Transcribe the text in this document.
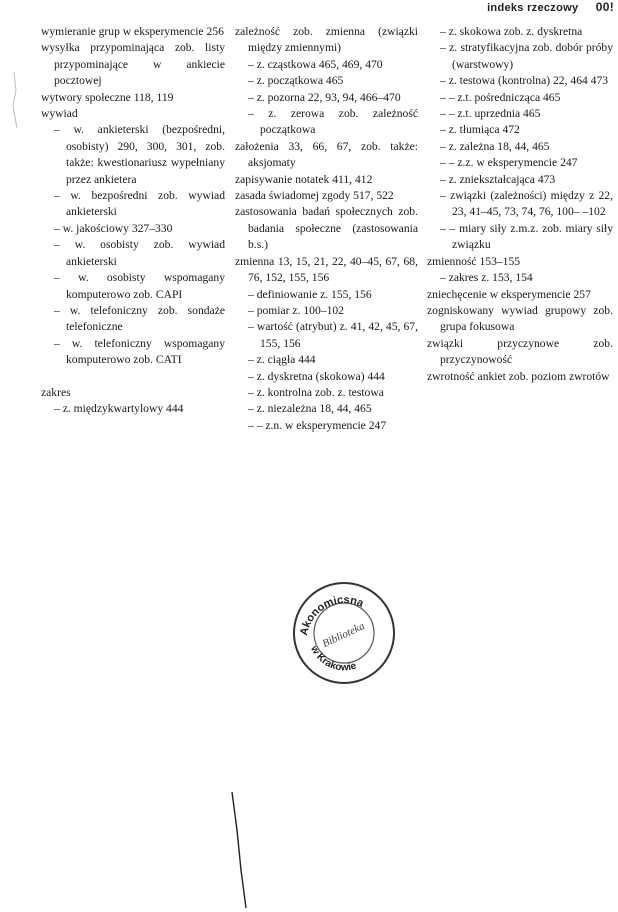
indeks rzeczowy 00!
wymieranie grup w eksperymencie 256
wysyłka przypominająca zob. listy przypominające w ankiecie pocztowej
wytwory społeczne 118, 119
wywiad
– w. ankieterski (bezpośredni, osobisty) 290, 300, 301, zob. także: kwestionariusz wypełniany przez ankietera
– w. bezpośredni zob. wywiad ankieterski
– w. jakościowy 327–330
– w. osobisty zob. wywiad ankieterski
– w. osobisty wspomagany komputerowo zob. CAPI
– w. telefoniczny zob. sondaże telefoniczne
– w. telefoniczny wspomagany komputerowo zob. CATI
zakres
– z. międzykwartylowy 444
zależność zob. zmienna (związki między zmiennymi)
– z. cząstkowa 465, 469, 470
– z. początkowa 465
– z. pozorna 22, 93, 94, 466–470
– z. zerowa zob. zależność początkowa
założenia 33, 66, 67, zob. także: aksjomaty
zapisywanie notatek 411, 412
zasada świadomej zgody 517, 522
zastosowania badań społecznych zob. badania społeczne (zastosowania b.s.)
zmienna 13, 15, 21, 22, 40–45, 67, 68, 76, 152, 155, 156
– definiowanie z. 155, 156
– pomiar z. 100–102
– wartość (atrybut) z. 41, 42, 45, 67, 155, 156
– z. ciągła 444
– z. dyskretna (skokowa) 444
– z. kontrolna zob. z. testowa
– z. niezależna 18, 44, 465
– – z.n. w eksperymencie 247
– z. skokowa zob. z. dyskretna
– z. stratyfikacyjna zob. dobór próby (warstwowy)
– z. testowa (kontrolna) 22, 464 473
– – z.t. pośrednicząca 465
– – z.t. uprzednia 465
– z. tłumiąca 472
– z. zależna 18, 44, 465
– – z.z. w eksperymencie 247
– z. zniekształcająca 473
– związki (zależności) między z 22, 23, 41–45, 73, 74, 76, 100– –102
– – miary siły z.m.z. zob. miary siły związku
zmienność 153–155
– zakres z. 153, 154
zniechęcenie w eksperymencie 257
zogniskowany wywiad grupowy zob. grupa fokusowa
związki przyczynowe zob. przyczynowość
zwrotność ankiet zob. poziom zwrotów
Akonomicsna
Biblioteka
w Krakowie
